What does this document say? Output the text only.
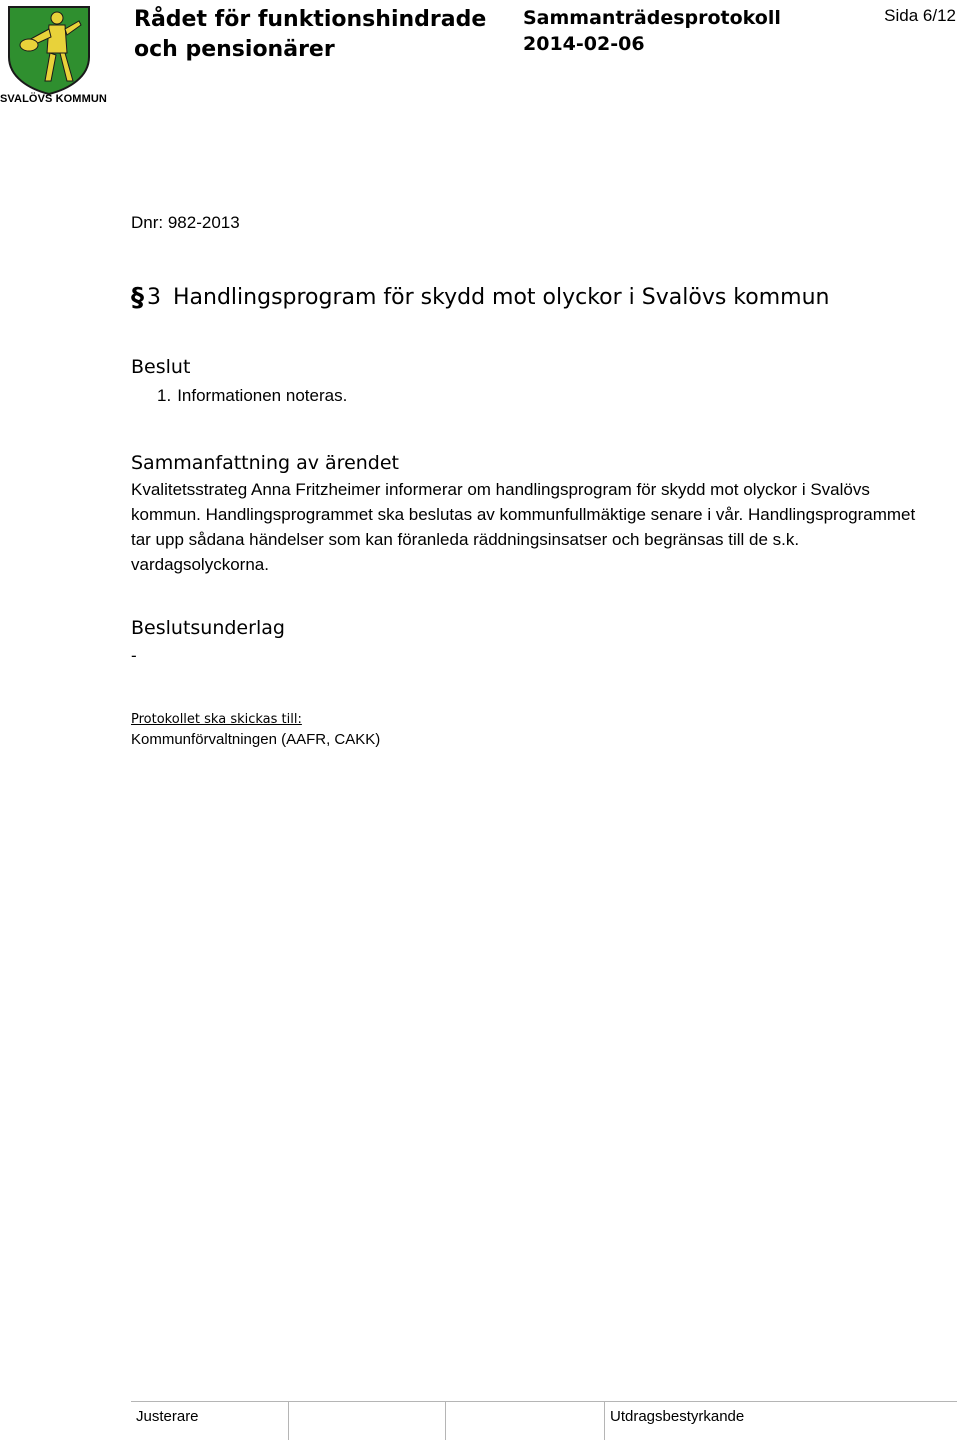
SVALÖVS KOMMUN
Rådet för funktionshindrade
och pensionärer
Sammanträdesprotokoll
2014-02-06
Sida 6/12
Dnr: 982-2013
§ 3 Handlingsprogram för skydd mot olyckor i Svalövs kommun
Beslut
1. Informationen noteras.
Sammanfattning av ärendet
Kvalitetsstrateg Anna Fritzheimer informerar om handlingsprogram för skydd mot olyckor i Svalövs kommun. Handlingsprogrammet ska beslutas av kommunfullmäktige senare i vår. Handlingsprogrammet tar upp sådana händelser som kan föranleda räddningsinsatser och begränsas till de s.k. vardagsolyckorna.
Beslutsunderlag
-
Protokollet ska skickas till:
Kommunförvaltningen (AAFR, CAKK)
Justerare	Utdragsbestyrkande
